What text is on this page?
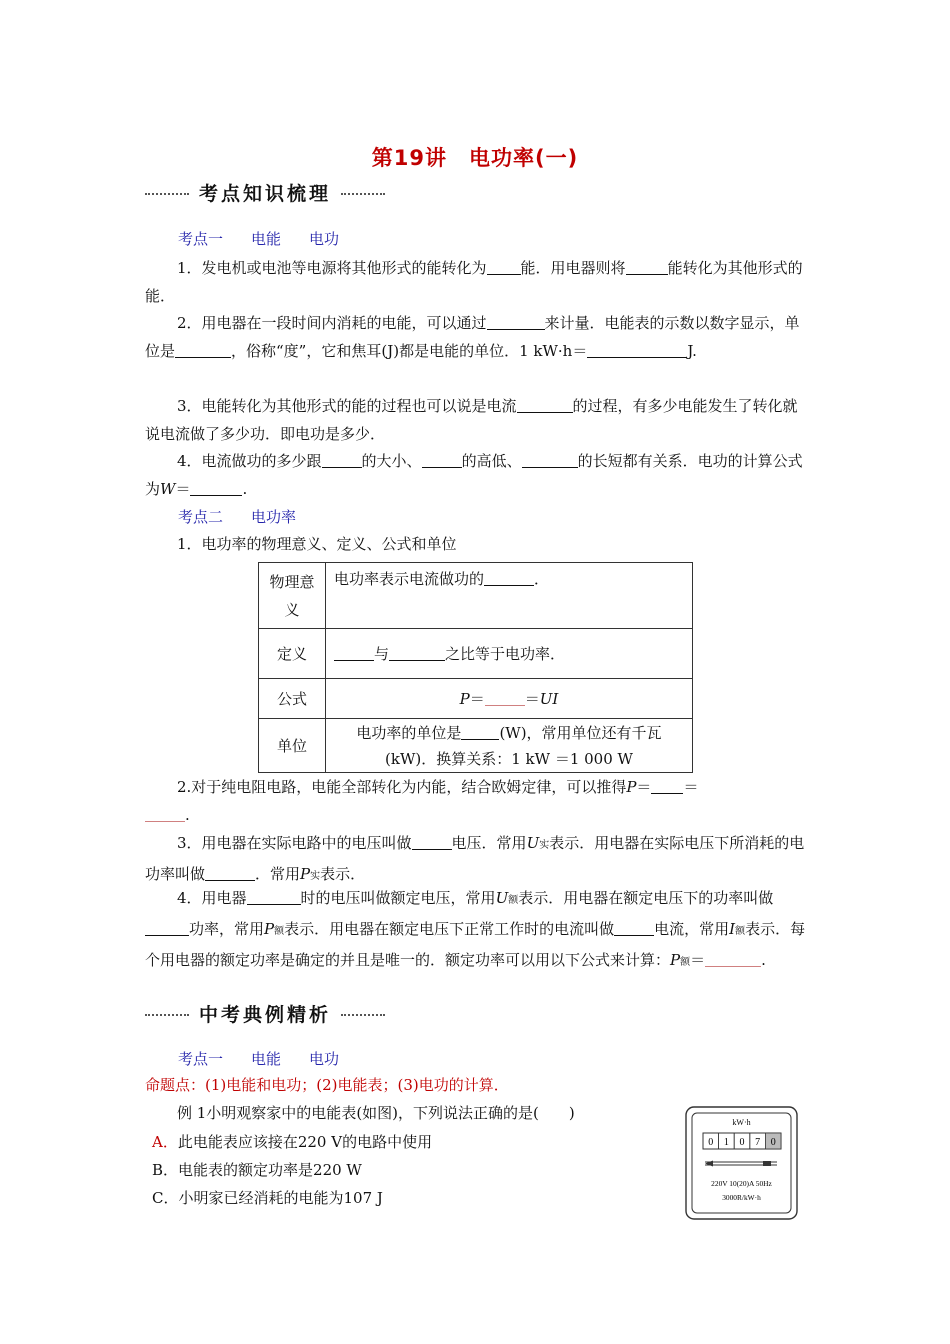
第19讲　电功率(一)
考点知识梳理
考点一 电能 电功
1．发电机或电池等电源将其他形式的能转化为 能．用电器则将	能转化为其他形式的能．
2．用电器在一段时间内消耗的电能，可以通过	来计量．电能表的示数以数字显示，单位是	，俗称“度”，它和焦耳(J)都是电能的单位．1 kW·h＝	J.
3．电能转化为其他形式的能的过程也可以说是电流	的过程，有多少电能发生了转化就说电流做了多少功．即电功是多少．
4．电流做功的多少跟	的大小、	的高低、	的长短都有关系．电功的计算公式为W＝	.
考点二 电功率
1．电功率的物理意义、定义、公式和单位
物理意义	电功率表示电流做功的 ．
定义	与 之比等于电功率．
公式	P＝ ＝UI
单位	电功率的单位是 (W)，常用单位还有千瓦(kW)．换算关系：1 kW ＝1 000 W
2.对于纯电阻电路，电能全部转化为内能，结合欧姆定律，可以推得P＝ ＝
.
3．用电器在实际电路中的电压叫做	电压．常用U实表示．用电器在实际电压下所消耗的电功率叫做	．常用P实表示．
4．用电器	时的电压叫做额定电压，常用U额表示．用电器在额定电压下的功率叫做功率，常用P额表示．用电器在额定电压下正常工作时的电流叫做	电流，常用I额表示．每个用电器的额定功率是确定的并且是唯一的．额定功率可以用以下公式来计算：P额＝	.
中考典例精析
考点一 电能 电功
命题点：(1)电能和电功；(2)电能表；(3)电功的计算．
例 1小明观察家中的电能表(如图)，下列说法正确的是(　　)
A．此电能表应该接在220 V的电路中使用
B．电能表的额定功率是220 W
C．小明家已经消耗的电能为107 J
kW·h
0 1 0 7 0
220V 10(20)A 50Hz
3000R/kW·h
